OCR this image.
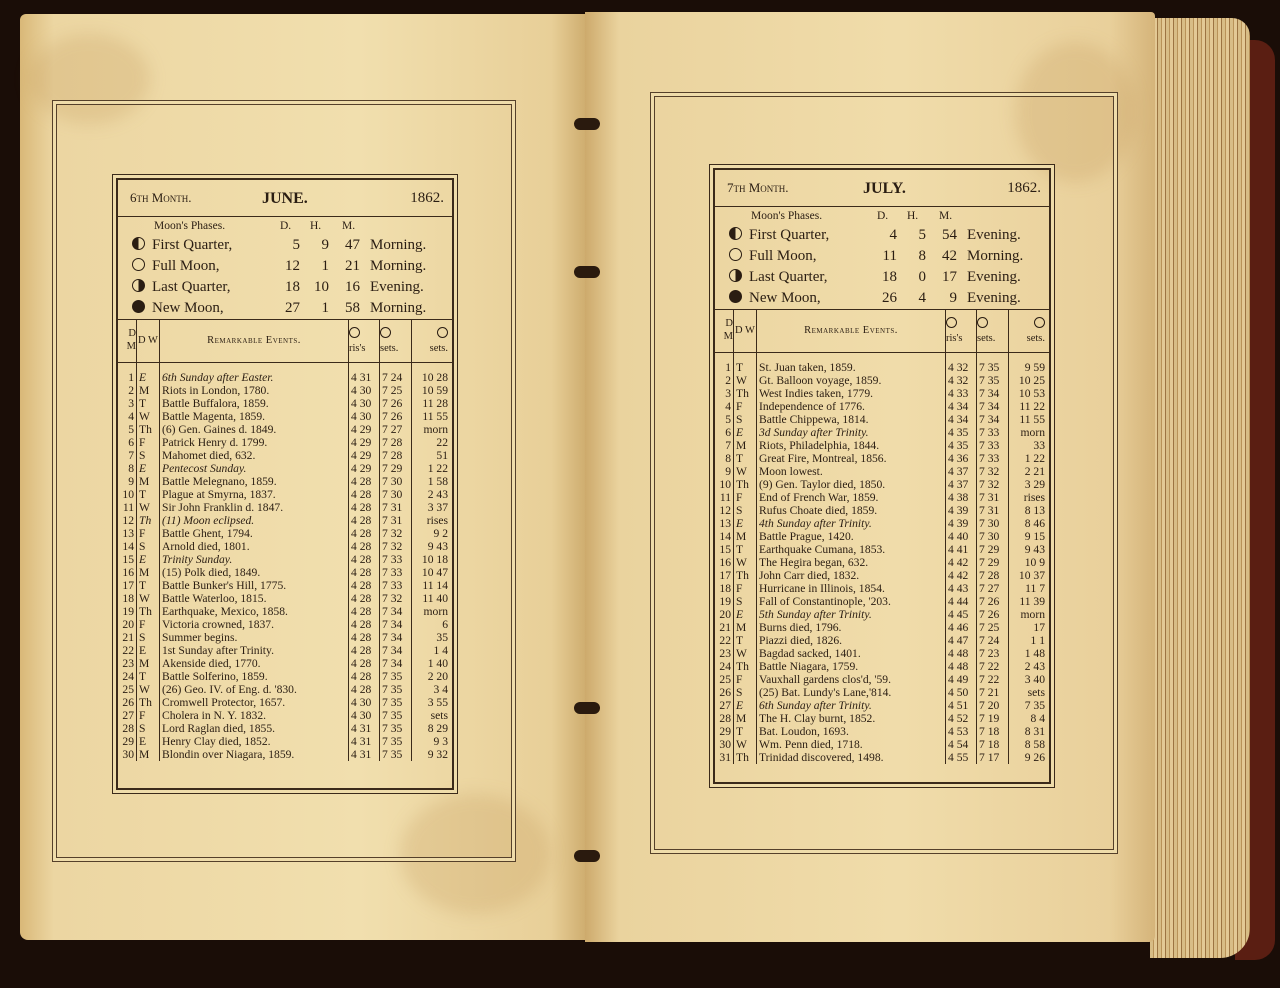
6th Month.	JUNE.	1862.
Moon's Phases.	D. H. M.
First Quarter,	5 9 47 Morning.
Full Moon,	12 1 21 Morning.
Last Quarter,	18 10 16 Evening.
New Moon,	27 1 58 Morning.
D M	D W	Remarkable Events.	ris's	sets.	sets.
1	E	6th Sunday after Easter.	4 31	7 24	10 28
2	M	Riots in London, 1780.	4 30	7 25	10 59
3	T	Battle Buffalora, 1859.	4 30	7 26	11 28
4	W	Battle Magenta, 1859.	4 30	7 26	11 55
5	Th	(6) Gen. Gaines d. 1849.	4 29	7 27	morn
6	F	Patrick Henry d. 1799.	4 29	7 28	22
7	S	Mahomet died, 632.	4 29	7 28	51
8	E	Pentecost Sunday.	4 29	7 29	1 22
9	M	Battle Melegnano, 1859.	4 28	7 30	1 58
10	T	Plague at Smyrna, 1837.	4 28	7 30	2 43
11	W	Sir John Franklin d. 1847.	4 28	7 31	3 37
12	Th	(11) Moon eclipsed.	4 28	7 31	rises
13	F	Battle Ghent, 1794.	4 28	7 32	9 2
14	S	Arnold died, 1801.	4 28	7 32	9 43
15	E	Trinity Sunday.	4 28	7 33	10 18
16	M	(15) Polk died, 1849.	4 28	7 33	10 47
17	T	Battle Bunker's Hill, 1775.	4 28	7 33	11 14
18	W	Battle Waterloo, 1815.	4 28	7 32	11 40
19	Th	Earthquake, Mexico, 1858.	4 28	7 34	morn
20	F	Victoria crowned, 1837.	4 28	7 34	6
21	S	Summer begins.	4 28	7 34	35
22	E	1st Sunday after Trinity.	4 28	7 34	1 4
23	M	Akenside died, 1770.	4 28	7 34	1 40
24	T	Battle Solferino, 1859.	4 28	7 35	2 20
25	W	(26) Geo. IV. of Eng. d. '830.	4 28	7 35	3 4
26	Th	Cromwell Protector, 1657.	4 30	7 35	3 55
27	F	Cholera in N. Y. 1832.	4 30	7 35	sets
28	S	Lord Raglan died, 1855.	4 31	7 35	8 29
29	E	Henry Clay died, 1852.	4 31	7 35	9 3
30	M	Blondin over Niagara, 1859.	4 31	7 35	9 32
7th Month.	JULY.	1862.
Moon's Phases.	D. H. M.
First Quarter,	4 5 54 Evening.
Full Moon,	11 8 42 Morning.
Last Quarter,	18 0 17 Evening.
New Moon,	26 4 9 Evening.
D M	D W	Remarkable Events.	ris's	sets.	sets.
1	T	St. Juan taken, 1859.	4 32	7 35	9 59
2	W	Gt. Balloon voyage, 1859.	4 32	7 35	10 25
3	Th	West Indies taken, 1779.	4 33	7 34	10 53
4	F	Independence of 1776.	4 34	7 34	11 22
5	S	Battle Chippewa, 1814.	4 34	7 34	11 55
6	E	3d Sunday after Trinity.	4 35	7 33	morn
7	M	Riots, Philadelphia, 1844.	4 35	7 33	33
8	T	Great Fire, Montreal, 1856.	4 36	7 33	1 22
9	W	Moon lowest.	4 37	7 32	2 21
10	Th	(9) Gen. Taylor died, 1850.	4 37	7 32	3 29
11	F	End of French War, 1859.	4 38	7 31	rises
12	S	Rufus Choate died, 1859.	4 39	7 31	8 13
13	E	4th Sunday after Trinity.	4 39	7 30	8 46
14	M	Battle Prague, 1420.	4 40	7 30	9 15
15	T	Earthquake Cumana, 1853.	4 41	7 29	9 43
16	W	The Hegira began, 632.	4 42	7 29	10 9
17	Th	John Carr died, 1832.	4 42	7 28	10 37
18	F	Hurricane in Illinois, 1854.	4 43	7 27	11 7
19	S	Fall of Constantinople, '203.	4 44	7 26	11 39
20	E	5th Sunday after Trinity.	4 45	7 26	morn
21	M	Burns died, 1796.	4 46	7 25	17
22	T	Piazzi died, 1826.	4 47	7 24	1 1
23	W	Bagdad sacked, 1401.	4 48	7 23	1 48
24	Th	Battle Niagara, 1759.	4 48	7 22	2 43
25	F	Vauxhall gardens clos'd, '59.	4 49	7 22	3 40
26	S	(25) Bat. Lundy's Lane,'814.	4 50	7 21	sets
27	E	6th Sunday after Trinity.	4 51	7 20	7 35
28	M	The H. Clay burnt, 1852.	4 52	7 19	8 4
29	T	Bat. Loudon, 1693.	4 53	7 18	8 31
30	W	Wm. Penn died, 1718.	4 54	7 18	8 58
31	Th	Trinidad discovered, 1498.	4 55	7 17	9 26
